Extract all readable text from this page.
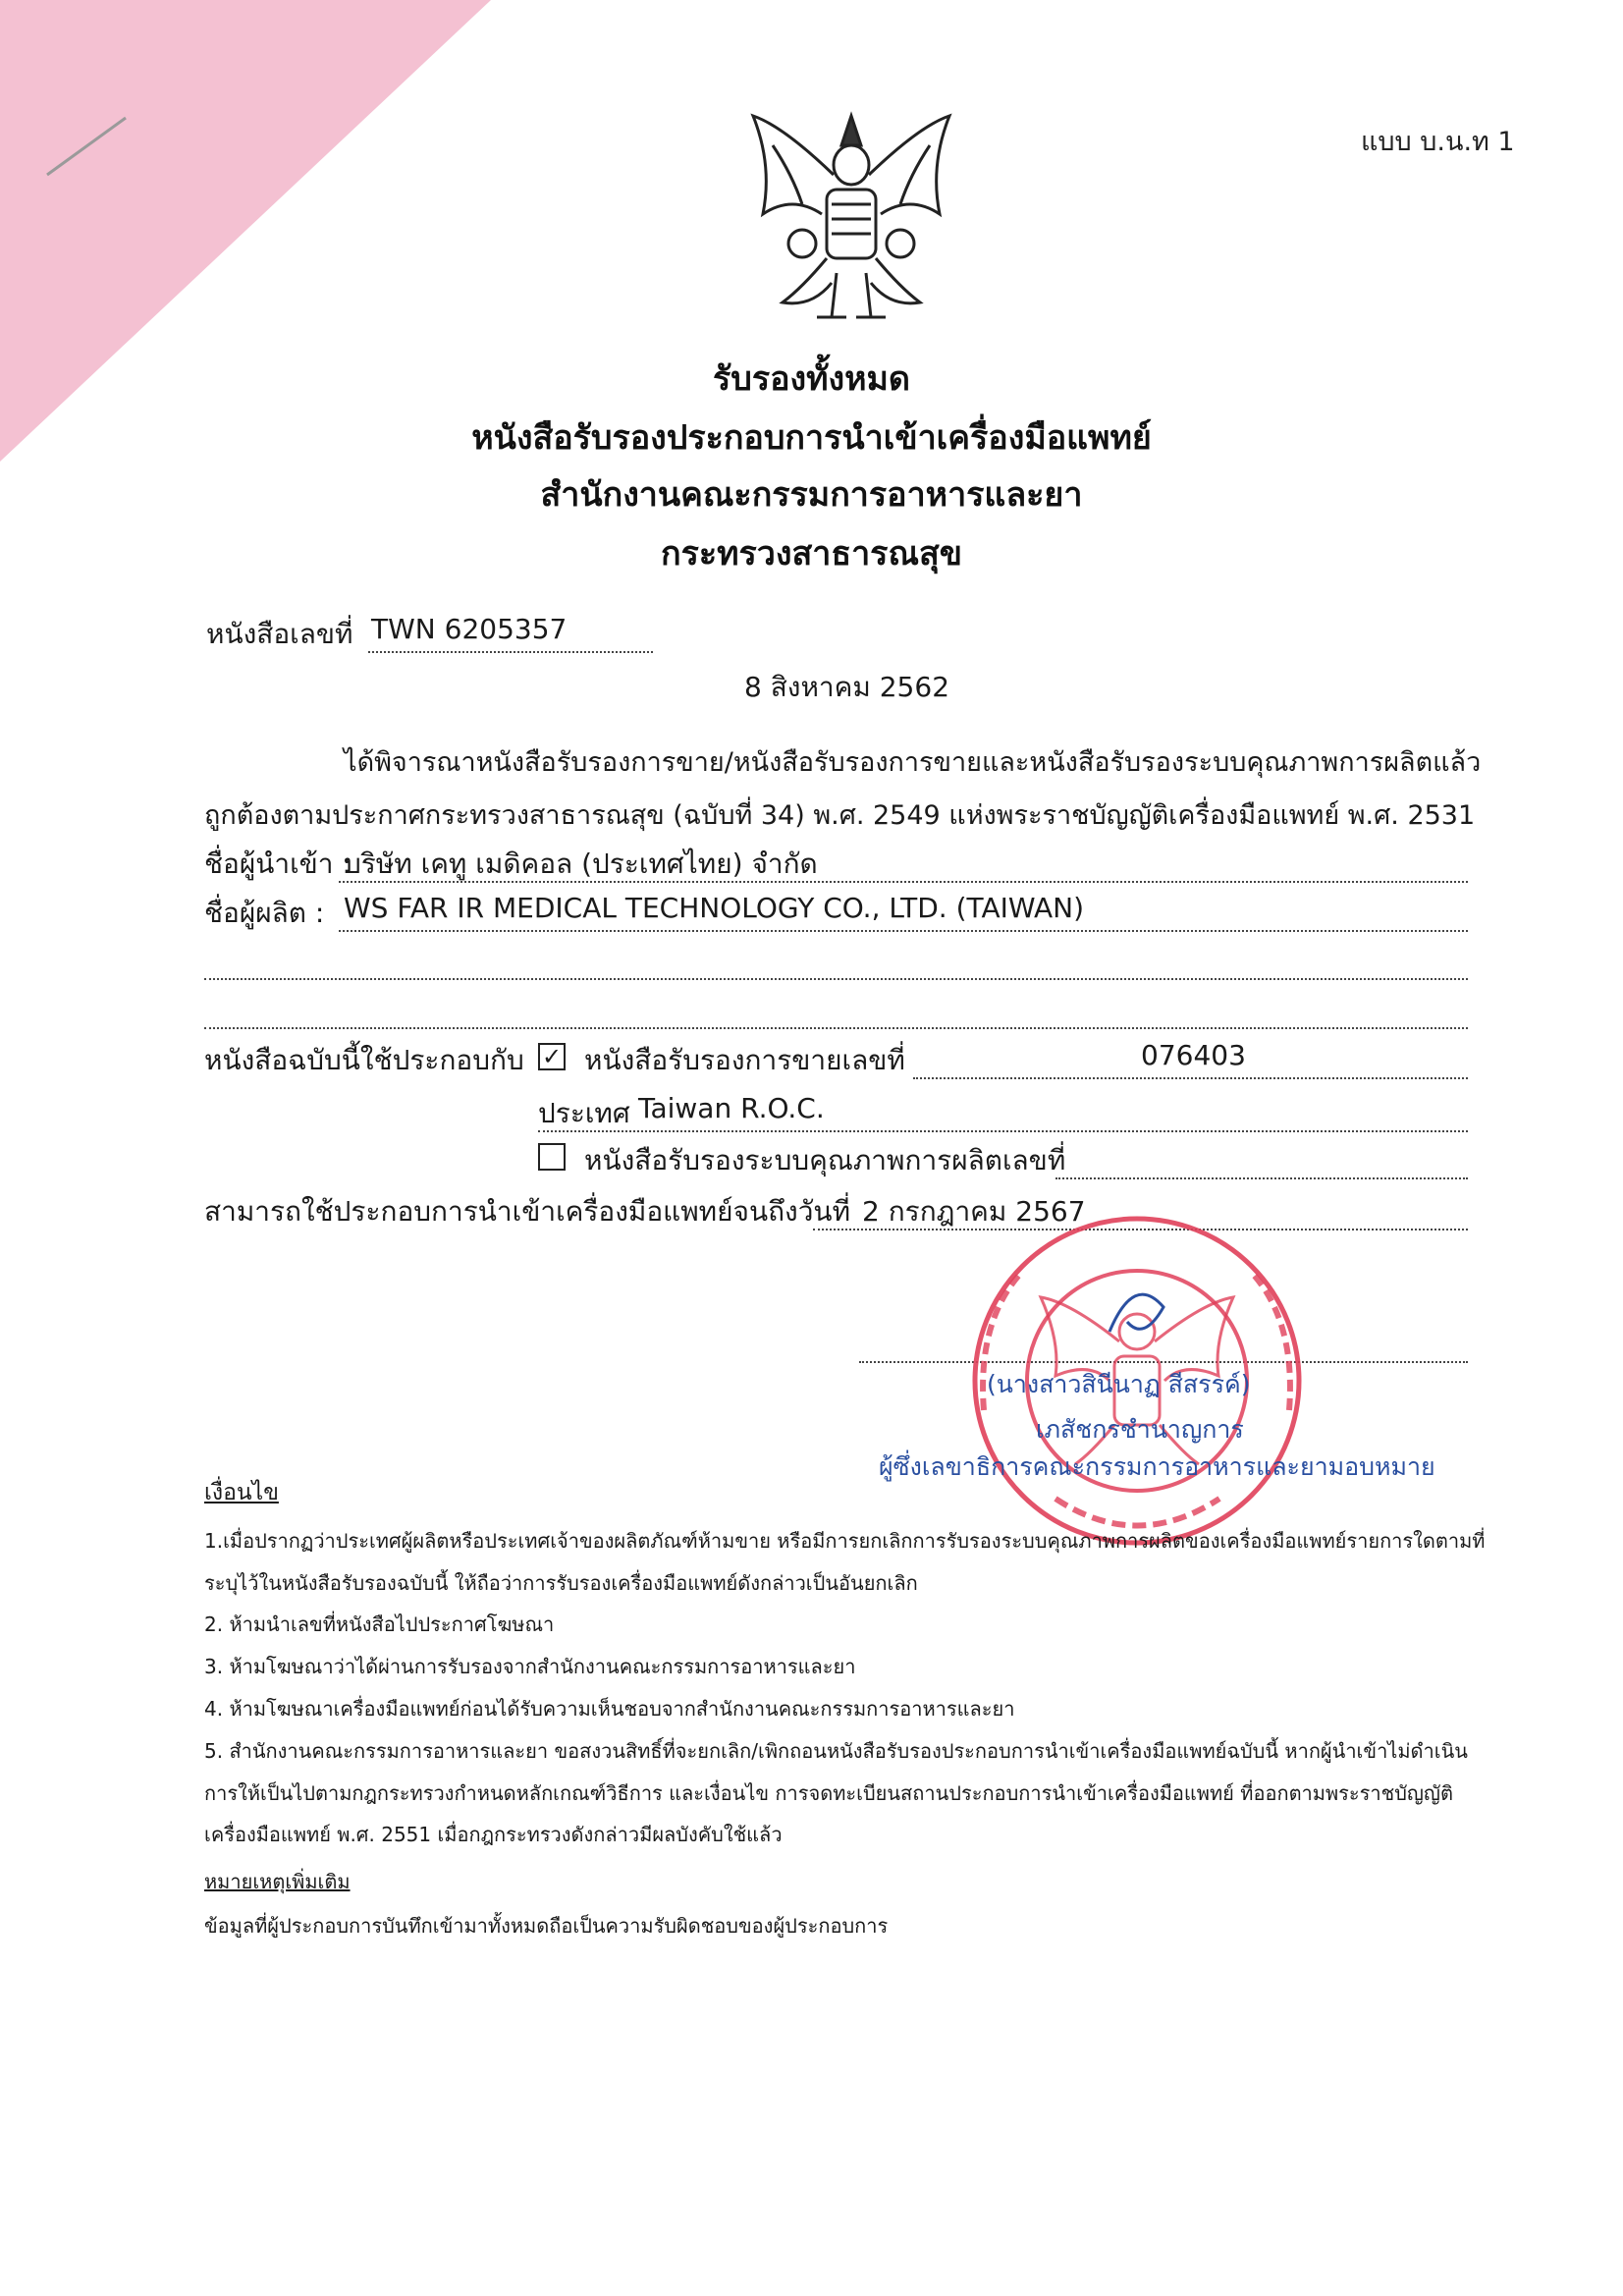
แบบ บ.น.ท 1
รับรองทั้งหมด
หนังสือรับรองประกอบการนำเข้าเครื่องมือแพทย์
สำนักงานคณะกรรมการอาหารและยา
กระทรวงสาธารณสุข
หนังสือเลขที่ TWN 6205357
8 สิงหาคม 2562
ได้พิจารณาหนังสือรับรองการขาย/หนังสือรับรองการขายและหนังสือรับรองระบบคุณภาพการผลิตแล้ว
ถูกต้องตามประกาศกระทรวงสาธารณสุข (ฉบับที่ 34) พ.ศ. 2549 แห่งพระราชบัญญัติเครื่องมือแพทย์ พ.ศ. 2531
ชื่อผู้นำเข้า :
บริษัท เคทู เมดิคอล (ประเทศไทย) จำกัด
ชื่อผู้ผลิต : WS FAR IR MEDICAL TECHNOLOGY CO., LTD. (TAIWAN)
หนังสือฉบับนี้ใช้ประกอบกับ ✓ หนังสือรับรองการขายเลขที่	076403
ประเทศ Taiwan R.O.C.
หนังสือรับรองระบบคุณภาพการผลิตเลขที่
สามารถใช้ประกอบการนำเข้าเครื่องมือแพทย์จนถึงวันที่ 2 กรกฎาคม 2567
(นางสาวสินีนาฏ สีสรรค์)
เภสัชกรชำนาญการ
ผู้ซึ่งเลขาธิการคณะกรรมการอาหารและยามอบหมาย
เงื่อนไข
1.เมื่อปรากฏว่าประเทศผู้ผลิตหรือประเทศเจ้าของผลิตภัณฑ์ห้ามขาย หรือมีการยกเลิกการรับรองระบบคุณภาพการผลิตของเครื่องมือแพทย์รายการใดตามที่
ระบุไว้ในหนังสือรับรองฉบับนี้ ให้ถือว่าการรับรองเครื่องมือแพทย์ดังกล่าวเป็นอันยกเลิก
2. ห้ามนำเลขที่หนังสือไปประกาศโฆษณา
3. ห้ามโฆษณาว่าได้ผ่านการรับรองจากสำนักงานคณะกรรมการอาหารและยา
4. ห้ามโฆษณาเครื่องมือแพทย์ก่อนได้รับความเห็นชอบจากสำนักงานคณะกรรมการอาหารและยา
5. สำนักงานคณะกรรมการอาหารและยา ขอสงวนสิทธิ์ที่จะยกเลิก/เพิกถอนหนังสือรับรองประกอบการนำเข้าเครื่องมือแพทย์ฉบับนี้ หากผู้นำเข้าไม่ดำเนิน
การให้เป็นไปตามกฎกระทรวงกำหนดหลักเกณฑ์วิธีการ และเงื่อนไข การจดทะเบียนสถานประกอบการนำเข้าเครื่องมือแพทย์ ที่ออกตามพระราชบัญญัติ
เครื่องมือแพทย์ พ.ศ. 2551 เมื่อกฎกระทรวงดังกล่าวมีผลบังคับใช้แล้ว
หมายเหตุเพิ่มเติม
ข้อมูลที่ผู้ประกอบการบันทึกเข้ามาทั้งหมดถือเป็นความรับผิดชอบของผู้ประกอบการ
